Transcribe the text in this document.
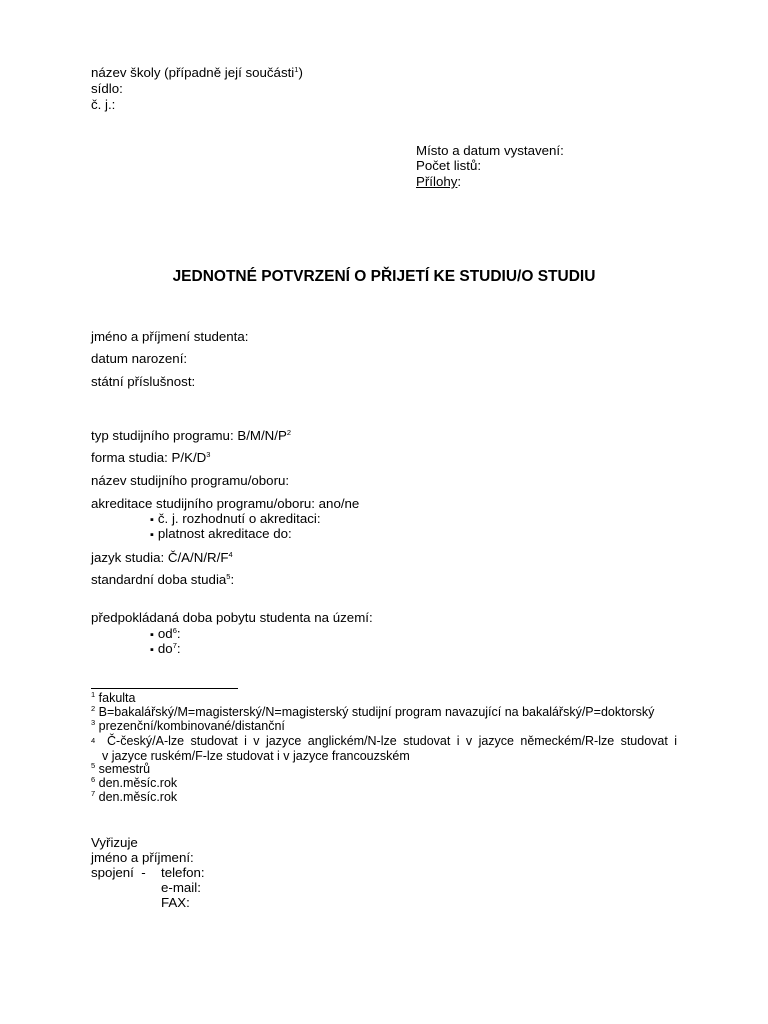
název školy (případně její součásti$^1$)
sídlo:
č. j.:
Místo a datum vystavení:
Počet listů:
Přílohy:
JEDNOTNÉ POTVRZENÍ O PŘIJETÍ KE STUDIU/O STUDIU
jméno a příjmení studenta:
datum narození:
státní příslušnost:
typ studijního programu: $B/M/N/P^2$
forma studia: $P/K/D^3$
název studijního programu/oboru:
akreditace studijního programu/oboru: ano/ne
▪ č. j. rozhodnutí o akreditaci:
▪ platnost akreditace do:
jazyk studia: $Č/A/N/R/F^4$
standardní doba studia$^5$:
předpokládaná doba pobytu studenta na území:
▪ $od^6$:
▪ $do^7$:
$^1$ fakulta
$^2$ B=bakalářský/M=magisterský/N=magisterský studijní program navazující na bakalářský/P=doktorský
$^3$ prezenční/kombinované/distanční
4 Č-český/A-lze studovat i v jazyce anglickém/N-lze studovat i v jazyce německém/R-lze studovat i
v jazyce ruském/F-lze studovat i v jazyce francouzském
$^5$ semestrů
$^6$ den.měsíc.rok
$^7$ den.měsíc.rok
Vyřizuje
jméno a příjmení:
spojení  - telefon:
e-mail:
FAX:
